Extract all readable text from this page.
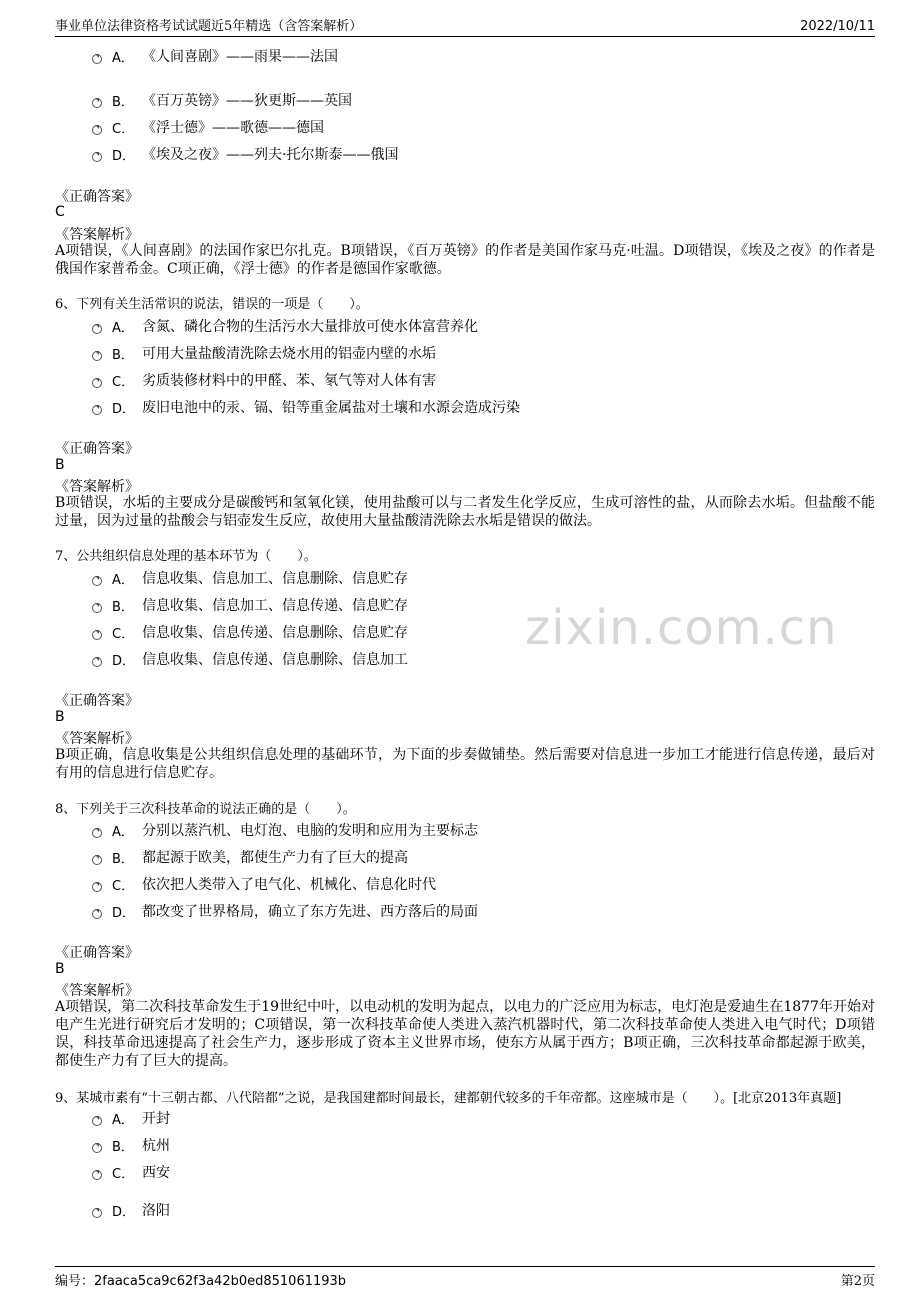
事业单位法律资格考试试题近5年精选（含答案解析）	2022/10/11
zixin.com.cn
A． 《人间喜剧》——雨果——法国
B． 《百万英镑》——狄更斯——英国
C． 《浮士德》——歌德——德国
D． 《埃及之夜》——列夫·托尔斯泰——俄国
《正确答案》
C
《答案解析》
A项错误，《人间喜剧》的法国作家巴尔扎克。B项错误，《百万英镑》的作者是美国作家马克·吐温。D项错误，《埃及之夜》的作者是俄国作家普希金。C项正确，《浮士德》的作者是德国作家歌德。
6、下列有关生活常识的说法，错误的一项是（　　）。
A． 含氮、磷化合物的生活污水大量排放可使水体富营养化
B． 可用大量盐酸清洗除去烧水用的铝壶内壁的水垢
C． 劣质装修材料中的甲醛、苯、氡气等对人体有害
D． 废旧电池中的汞、镉、铅等重金属盐对土壤和水源会造成污染
《正确答案》
B
《答案解析》
B项错误，水垢的主要成分是碳酸钙和氢氧化镁，使用盐酸可以与二者发生化学反应，生成可溶性的盐，从而除去水垢。但盐酸不能过量，因为过量的盐酸会与铝壶发生反应，故使用大量盐酸清洗除去水垢是错误的做法。
7、公共组织信息处理的基本环节为（　　）。
A． 信息收集、信息加工、信息删除、信息贮存
B． 信息收集、信息加工、信息传递、信息贮存
C． 信息收集、信息传递、信息删除、信息贮存
D． 信息收集、信息传递、信息删除、信息加工
《正确答案》
B
《答案解析》
B项正确，信息收集是公共组织信息处理的基础环节，为下面的步奏做铺垫。然后需要对信息进一步加工才能进行信息传递，最后对有用的信息进行信息贮存。
8、下列关于三次科技革命的说法正确的是（　　）。
A． 分别以蒸汽机、电灯泡、电脑的发明和应用为主要标志
B． 都起源于欧美，都使生产力有了巨大的提高
C． 依次把人类带入了电气化、机械化、信息化时代
D． 都改变了世界格局，确立了东方先进、西方落后的局面
《正确答案》
B
《答案解析》
A项错误，第二次科技革命发生于19世纪中叶，以电动机的发明为起点，以电力的广泛应用为标志，电灯泡是爱迪生在1877年开始对电产生光进行研究后才发明的；C项错误，第一次科技革命使人类进入蒸汽机器时代，第二次科技革命使人类进入电气时代；D项错误，科技革命迅速提高了社会生产力，逐步形成了资本主义世界市场，使东方从属于西方；B项正确，三次科技革命都起源于欧美，都使生产力有了巨大的提高。
9、某城市素有“十三朝古都、八代陪都”之说，是我国建都时间最长，建都朝代较多的千年帝都。这座城市是（　　）。[北京2013年真题]
A． 开封
B． 杭州
C． 西安
D． 洛阳
编号：2faaca5ca9c62f3a42b0ed851061193b	第2页
